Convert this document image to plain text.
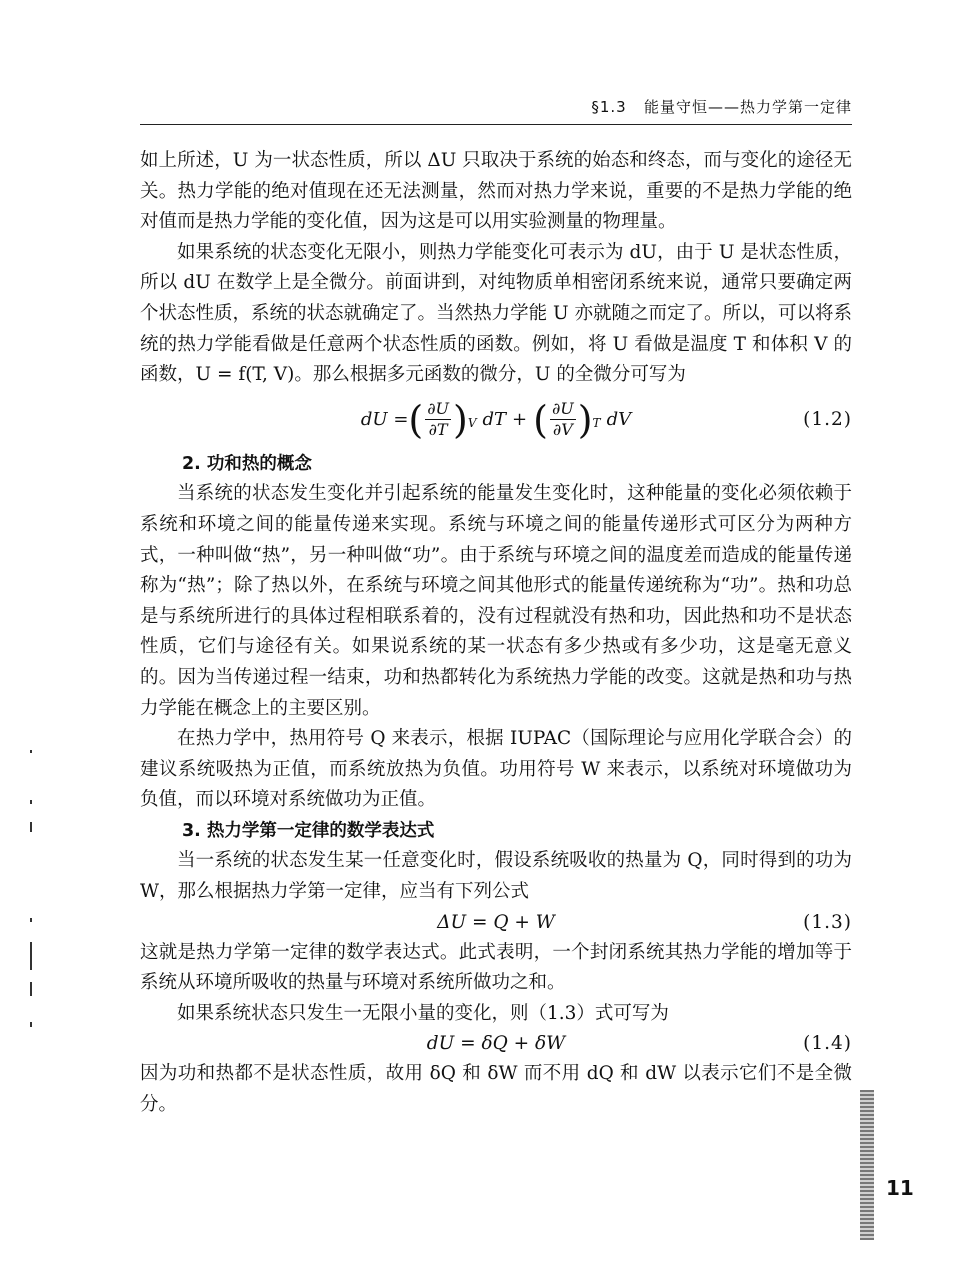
§1.3 能量守恒——热力学第一定律

如上所述，U 为一状态性质，所以 ΔU 只取决于系统的始态和终态，而与变化的途径无关。热力学能的绝对值现在还无法测量，然而对热力学来说，重要的不是热力学能的绝对值而是热力学能的变化值，因为这是可以用实验测量的物理量。

如果系统的状态变化无限小，则热力学能变化可表示为 dU，由于 U 是状态性质，所以 dU 在数学上是全微分。前面讲到，对纯物质单相密闭系统来说，通常只要确定两个状态性质，系统的状态就确定了。当然热力学能 U 亦就随之而定了。所以，可以将系统的热力学能看做是任意两个状态性质的函数。例如，将 U 看做是温度 T 和体积 V 的函数，U = f(T, V)。那么根据多元函数的微分，U 的全微分可写为

dU = ( $\frac{\partial U}{\partial T}$ ) V dT + ( $\frac{\partial U}{\partial V}$ ) T dV	(1.2)

2. 功和热的概念

当系统的状态发生变化并引起系统的能量发生变化时，这种能量的变化必须依赖于系统和环境之间的能量传递来实现。系统与环境之间的能量传递形式可区分为两种方式，一种叫做“热”，另一种叫做“功”。由于系统与环境之间的温度差而造成的能量传递称为“热”；除了热以外，在系统与环境之间其他形式的能量传递统称为“功”。热和功总是与系统所进行的具体过程相联系着的，没有过程就没有热和功，因此热和功不是状态性质，它们与途径有关。如果说系统的某一状态有多少热或有多少功，这是毫无意义的。因为当传递过程一结束，功和热都转化为系统热力学能的改变。这就是热和功与热力学能在概念上的主要区别。

在热力学中，热用符号 Q 来表示，根据 IUPAC（国际理论与应用化学联合会）的建议系统吸热为正值，而系统放热为负值。功用符号 W 来表示，以系统对环境做功为负值，而以环境对系统做功为正值。

3. 热力学第一定律的数学表达式

当一系统的状态发生某一任意变化时，假设系统吸收的热量为 Q，同时得到的功为 W，那么根据热力学第一定律，应当有下列公式

ΔU = Q + W	(1.3)

这就是热力学第一定律的数学表达式。此式表明，一个封闭系统其热力学能的增加等于系统从环境所吸收的热量与环境对系统所做功之和。

如果系统状态只发生一无限小量的变化，则（1.3）式可写为

dU = δQ + δW	(1.4)

因为功和热都不是状态性质，故用 δQ 和 δW 而不用 dQ 和 dW 以表示它们不是全微分。

11
